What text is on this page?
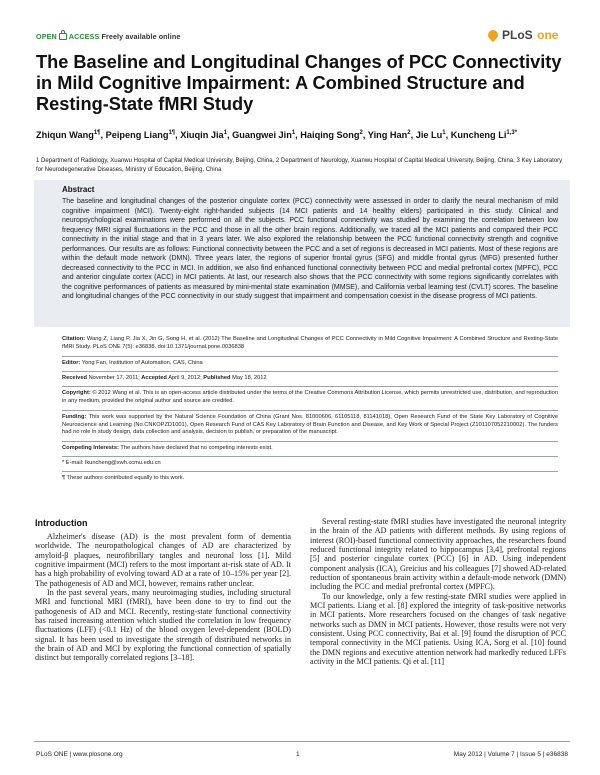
OPEN ACCESS Freely available online	PLoS one
The Baseline and Longitudinal Changes of PCC Connectivity in Mild Cognitive Impairment: A Combined Structure and Resting-State fMRI Study
Zhiqun Wang$^{1\P}$, Peipeng Liang$^{1\P}$, Xiuqin Jia$^1$, Guangwei Jin$^1$, Haiqing Song$^2$, Ying Han$^2$, Jie Lu$^1$, Kuncheng $Li^{1,3*}$
1 Department of Radiology, Xuanwu Hospital of Capital Medical University, Beijing, China, 2 Department of Neurology, Xuanwu Hospital of Capital Medical University, Beijing, China, 3 Key Laboratory for Neurodegenerative Diseases, Ministry of Education, Beijing, China
Abstract
The baseline and longitudinal changes of the posterior cingulate cortex (PCC) connectivity were assessed in order to clarify the neural mechanism of mild cognitive impairment (MCI). Twenty-eight right-handed subjects (14 MCI patients and 14 healthy elders) participated in this study. Clinical and neuropsychological examinations were performed on all the subjects. PCC functional connectivity was studied by examining the correlation between low frequency fMRI signal fluctuations in the PCC and those in all the other brain regions. Additionally, we traced all the MCI patients and compared their PCC connectivity in the initial stage and that in 3 years later. We also explored the relationship between the PCC functional connectivity strength and cognitive performances. Our results are as follows: Functional connectivity between the PCC and a set of regions is decreased in MCI patients. Most of these regions are within the default mode network (DMN). Three years later, the regions of superior frontal gyrus (SFG) and middle frontal gyrus (MFG) presented further decreased connectivity to the PCC in MCI. In addition, we also find enhanced functional connectivity between PCC and medial prefrontal cortex (MPFC), PCC and anterior cingulate cortex (ACC) in MCI patients. At last, our research also shows that the PCC connectivity with some regions significantly correlates with the cognitive performances of patients as measured by mini-mental state examination (MMSE), and California verbal learning test (CVLT) scores. The baseline and longitudinal changes of the PCC connectivity in our study suggest that impairment and compensation coexist in the disease progress of MCI patients.
Citation: Wang Z, Liang P, Jia X, Jin G, Song H, et al. (2012) The Baseline and Longitudinal Changes of PCC Connectivity in Mild Cognitive Impairment: A Combined Structure and Resting-State fMRI Study. PLoS ONE 7(5): e36838. doi:10.1371/journal.pone.0036838
Editor: Yong Fan, Institution of Automation, CAS, China
Received November 17, 2011; Accepted April 9, 2012; Published May 18, 2012
Copyright: © 2012 Wang et al. This is an open-access article distributed under the terms of the Creative Commons Attribution License, which permits unrestricted use, distribution, and reproduction in any medium, provided the original author and source are credited.
Funding: This work was supported by the Natural Science Foundation of China (Grant Nos. 81000606, 61105118, 81141018), Open Research Fund of the State Key Laboratory of Cognitive Neuroscience and Learning (No.CNKOPZD1001), Open Research Fund of CAS Key Laboratory of Brain Function and Disease, and Key Work of Special Project (Z101107052210002). The funders had no role in study design, data collection and analysis, decision to publish, or preparation of the manuscript.
Competing Interests: The authors have declared that no competing interests exist.
* E-mail: lkuncheng@xwh.ccmu.edu.cn
¶ These authors contributed equally to this work.
Introduction

Alzheimer's disease (AD) is the most prevalent form of dementia worldwide. The neuropathological changes of AD are characterized by amyloid-β plaques, neurofibrillary tangles and neuronal loss [1]. Mild cognitive impairment (MCI) refers to the most important at-risk state of AD. It has a high probability of evolving toward AD at a rate of 10–15% per year [2]. The pathogenesis of AD and MCI, however, remains rather unclear.

In the past several years, many neuroimaging studies, including structural MRI and functional MRI (fMRI), have been done to try to find out the pathogenesis of AD and MCI. Recently, resting-state functional connectivity has raised increasing attention which studied the correlation in low frequency fluctuations (LFF) (<0.1 Hz) of the blood oxygen level-dependent (BOLD) signal. It has been used to investigate the strength of distributed networks in the brain of AD and MCI by exploring the functional connection of spatially distinct but temporally correlated regions [3–18].

Several resting-state fMRI studies have investigated the neuronal integrity in the brain of the AD patients with different methods. By using regions of interest (ROI)-based functional connectivity approaches, the researchers found reduced functional integrity related to hippocampus [3,4], prefrontal regions [5] and posterior cingulate cortex (PCC) [6] in AD. Using independent component analysis (ICA), Greicius and his colleagues [7] showed AD-related reduction of spontaneous brain activity within a default-mode network (DMN) including the PCC and medial prefrontal cortex (MPFC).

To our knowledge, only a few resting-state fMRI studies were applied in MCI patients. Liang et al. [8] explored the integrity of task-positive networks in MCI patients. More researchers focused on the changes of task negative networks such as DMN in MCI patients. However, those results were not very consistent. Using PCC connectivity, Bai et al. [9] found the disruption of PCC temporal connectivity in the MCI patients. Using ICA, Sorg et al. [10] found the DMN regions and executive attention network had markedly reduced LFFs activity in the MCI patients. Qi et al. [11]

PLoS ONE | www.plosone.org	1	May 2012 | Volume 7 | Issue 5 | e36838
